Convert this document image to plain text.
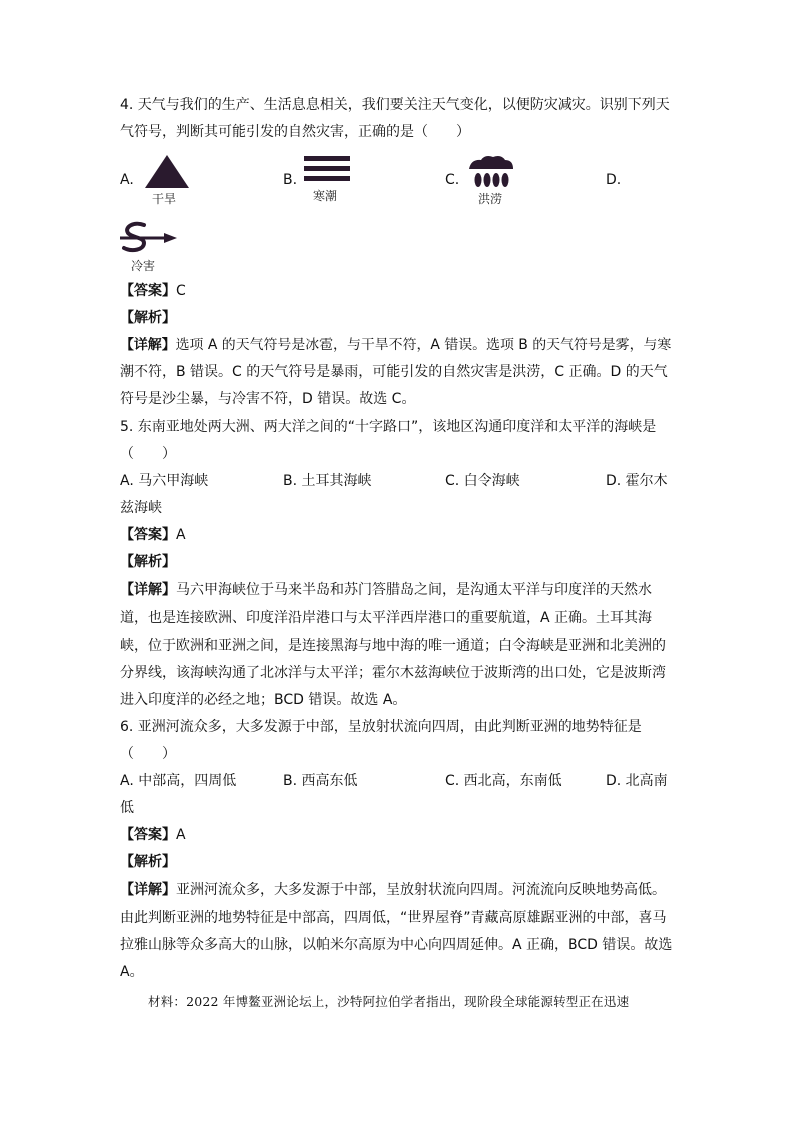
4. 天气与我们的生产、生活息息相关，我们要关注天气变化，以便防灾减灾。识别下列天
气符号，判断其可能引发的自然灾害，正确的是（　　）
A.
干旱
B.
寒潮
C.
洪涝
D.
冷害
【答案】C
【解析】
【详解】选项 A 的天气符号是冰雹，与干旱不符，A 错误。选项 B 的天气符号是雾，与寒
潮不符，B 错误。C 的天气符号是暴雨，可能引发的自然灾害是洪涝，C 正确。D 的天气
符号是沙尘暴，与冷害不符，D 错误。故选 C。
5. 东南亚地处两大洲、两大洋之间的“十字路口”，该地区沟通印度洋和太平洋的海峡是
（　　）
A. 马六甲海峡	B. 土耳其海峡	C. 白令海峡	D. 霍尔木
兹海峡
【答案】A
【解析】
【详解】马六甲海峡位于马来半岛和苏门答腊岛之间，是沟通太平洋与印度洋的天然水
道，也是连接欧洲、印度洋沿岸港口与太平洋西岸港口的重要航道，A 正确。土耳其海
峡，位于欧洲和亚洲之间，是连接黑海与地中海的唯一通道；白令海峡是亚洲和北美洲的
分界线，该海峡沟通了北冰洋与太平洋；霍尔木兹海峡位于波斯湾的出口处，它是波斯湾
进入印度洋的必经之地；BCD 错误。故选 A。
6. 亚洲河流众多，大多发源于中部，呈放射状流向四周，由此判断亚洲的地势特征是
（　　）
A. 中部高，四周低	B. 西高东低	C. 西北高，东南低	D. 北高南
低
【答案】A
【解析】
【详解】亚洲河流众多，大多发源于中部，呈放射状流向四周。河流流向反映地势高低。
由此判断亚洲的地势特征是中部高，四周低，“世界屋脊”青藏高原雄踞亚洲的中部，喜马
拉雅山脉等众多高大的山脉，以帕米尔高原为中心向四周延伸。A 正确，BCD 错误。故选
A。
材料：2022 年博鳌亚洲论坛上，沙特阿拉伯学者指出，现阶段全球能源转型正在迅速
